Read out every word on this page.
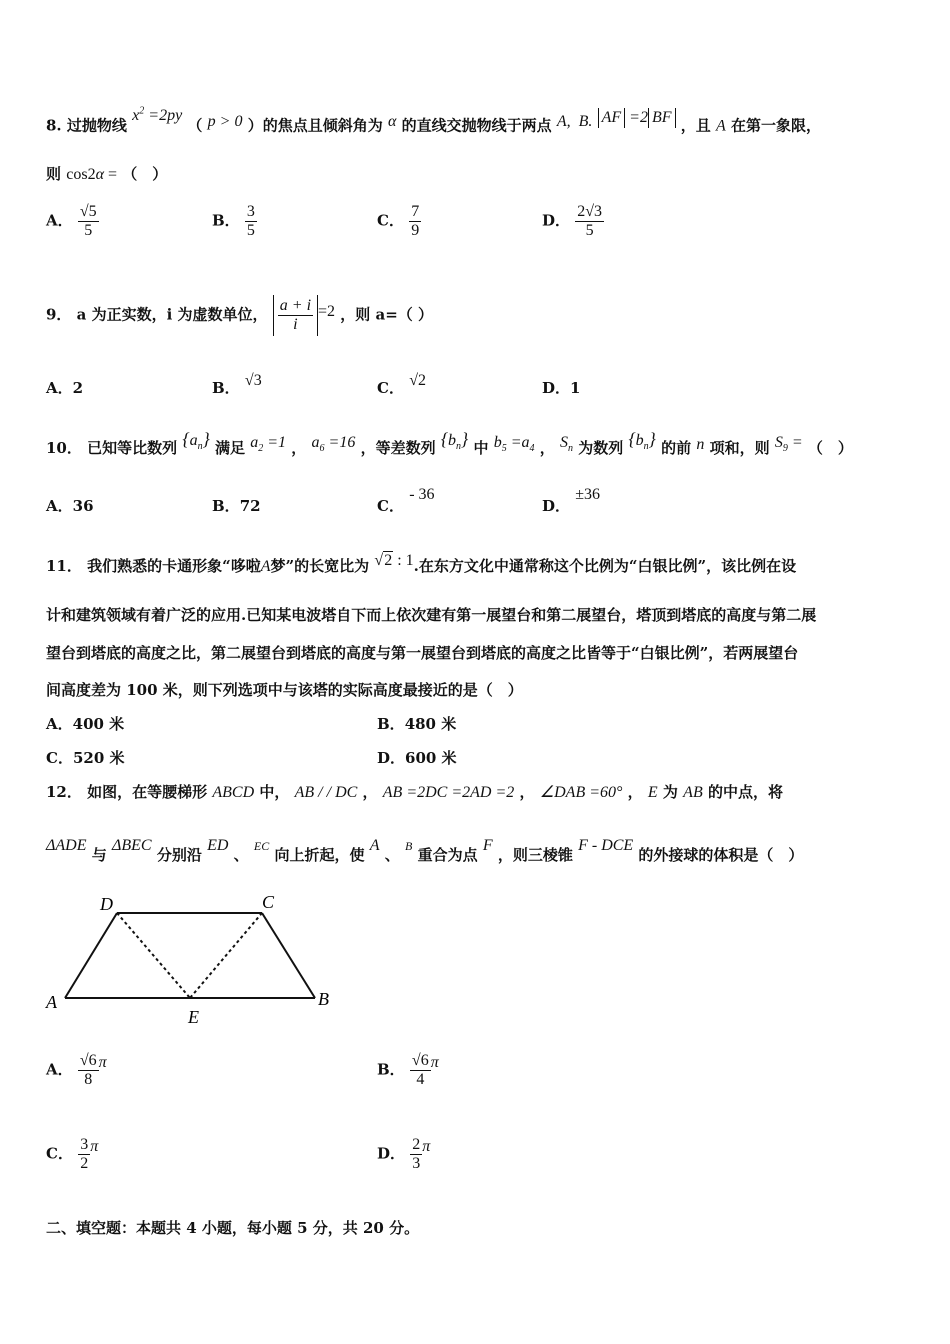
8. 过抛物线 $x^2 =2py$ （ p > 0 ）的焦点且倾斜角为 α 的直线交抛物线于两点 A,  B. AF =2 BF ，且 A 在第一象限，
则 cos2α = （　）
A． $\frac{√5}{5}$	B． $\frac{3}{5}$	C． $\frac{7}{9}$	D． $\frac{2√3}{5}$
9． a 为正实数，i 为虚数单位， $\frac{a + i}{i} =2$ ，则 a=（ ）
A．2	B． √3	C． √2	D．1
10． 已知等比数列 $\{a_n\}$ 满足 $a_2 =1$ ， $a_6 =16$ ，等差数列 $\{b_n\}$ 中 $b_5 =a_4$ ， $S_n$ 为数列 $\{b_n\}$ 的前 n 项和，则 $S_9$ = （　）
A．36	B．72	C． - 36
D． ±36
11． 我们熟悉的卡通形象“哆啦A梦”的长宽比为 √2 : 1.在东方文化中通常称这个比例为“白银比例”，该比例在设
计和建筑领域有着广泛的应用.已知某电波塔自下而上依次建有第一展望台和第二展望台，塔顶到塔底的高度与第二展
望台到塔底的高度之比，第二展望台到塔底的高度与第一展望台到塔底的高度之比皆等于“白银比例”，若两展望台
间高度差为 100 米，则下列选项中与该塔的实际高度最接近的是（　）
A．400 米	B．480 米
C．520 米	D．600 米
12． 如图，在等腰梯形 ABCD 中， AB / / DC ， AB =2DC =2AD =2 ， ∠DAB =60° ， E 为 AB 的中点，将
ΔADE 与 ΔBEC 分别沿 ED 、 $^{EC}$ 向上折起，使 A 、 $^B$ 重合为点 F ，则三棱锥 F - DCE 的外接球的体积是（　）
D	C
A	B
E
A． $\frac{√6}{8}$ π	B． $\frac{√6}{4}$ π
C． $\frac{3}{2}$ π	D． $\frac{2}{3}$ π
二、填空题：本题共 4 小题，每小题 5 分，共 20 分。
